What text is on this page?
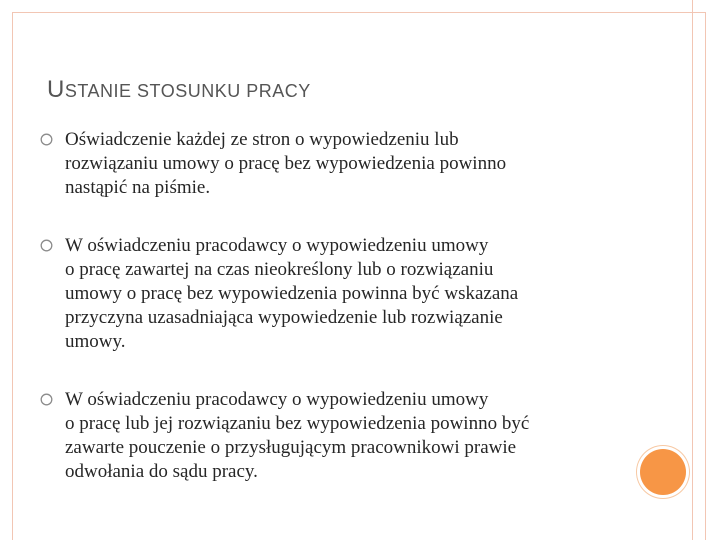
USTANIE STOSUNKU PRACY
Oświadczenie każdej ze stron o wypowiedzeniu lub
rozwiązaniu umowy o pracę bez wypowiedzenia powinno
nastąpić na piśmie.
W oświadczeniu pracodawcy o wypowiedzeniu umowy
o pracę zawartej na czas nieokreślony lub o rozwiązaniu
umowy o pracę bez wypowiedzenia powinna być wskazana
przyczyna uzasadniająca wypowiedzenie lub rozwiązanie
umowy.
W oświadczeniu pracodawcy o wypowiedzeniu umowy
o pracę lub jej rozwiązaniu bez wypowiedzenia powinno być
zawarte pouczenie o przysługującym pracownikowi prawie
odwołania do sądu pracy.
